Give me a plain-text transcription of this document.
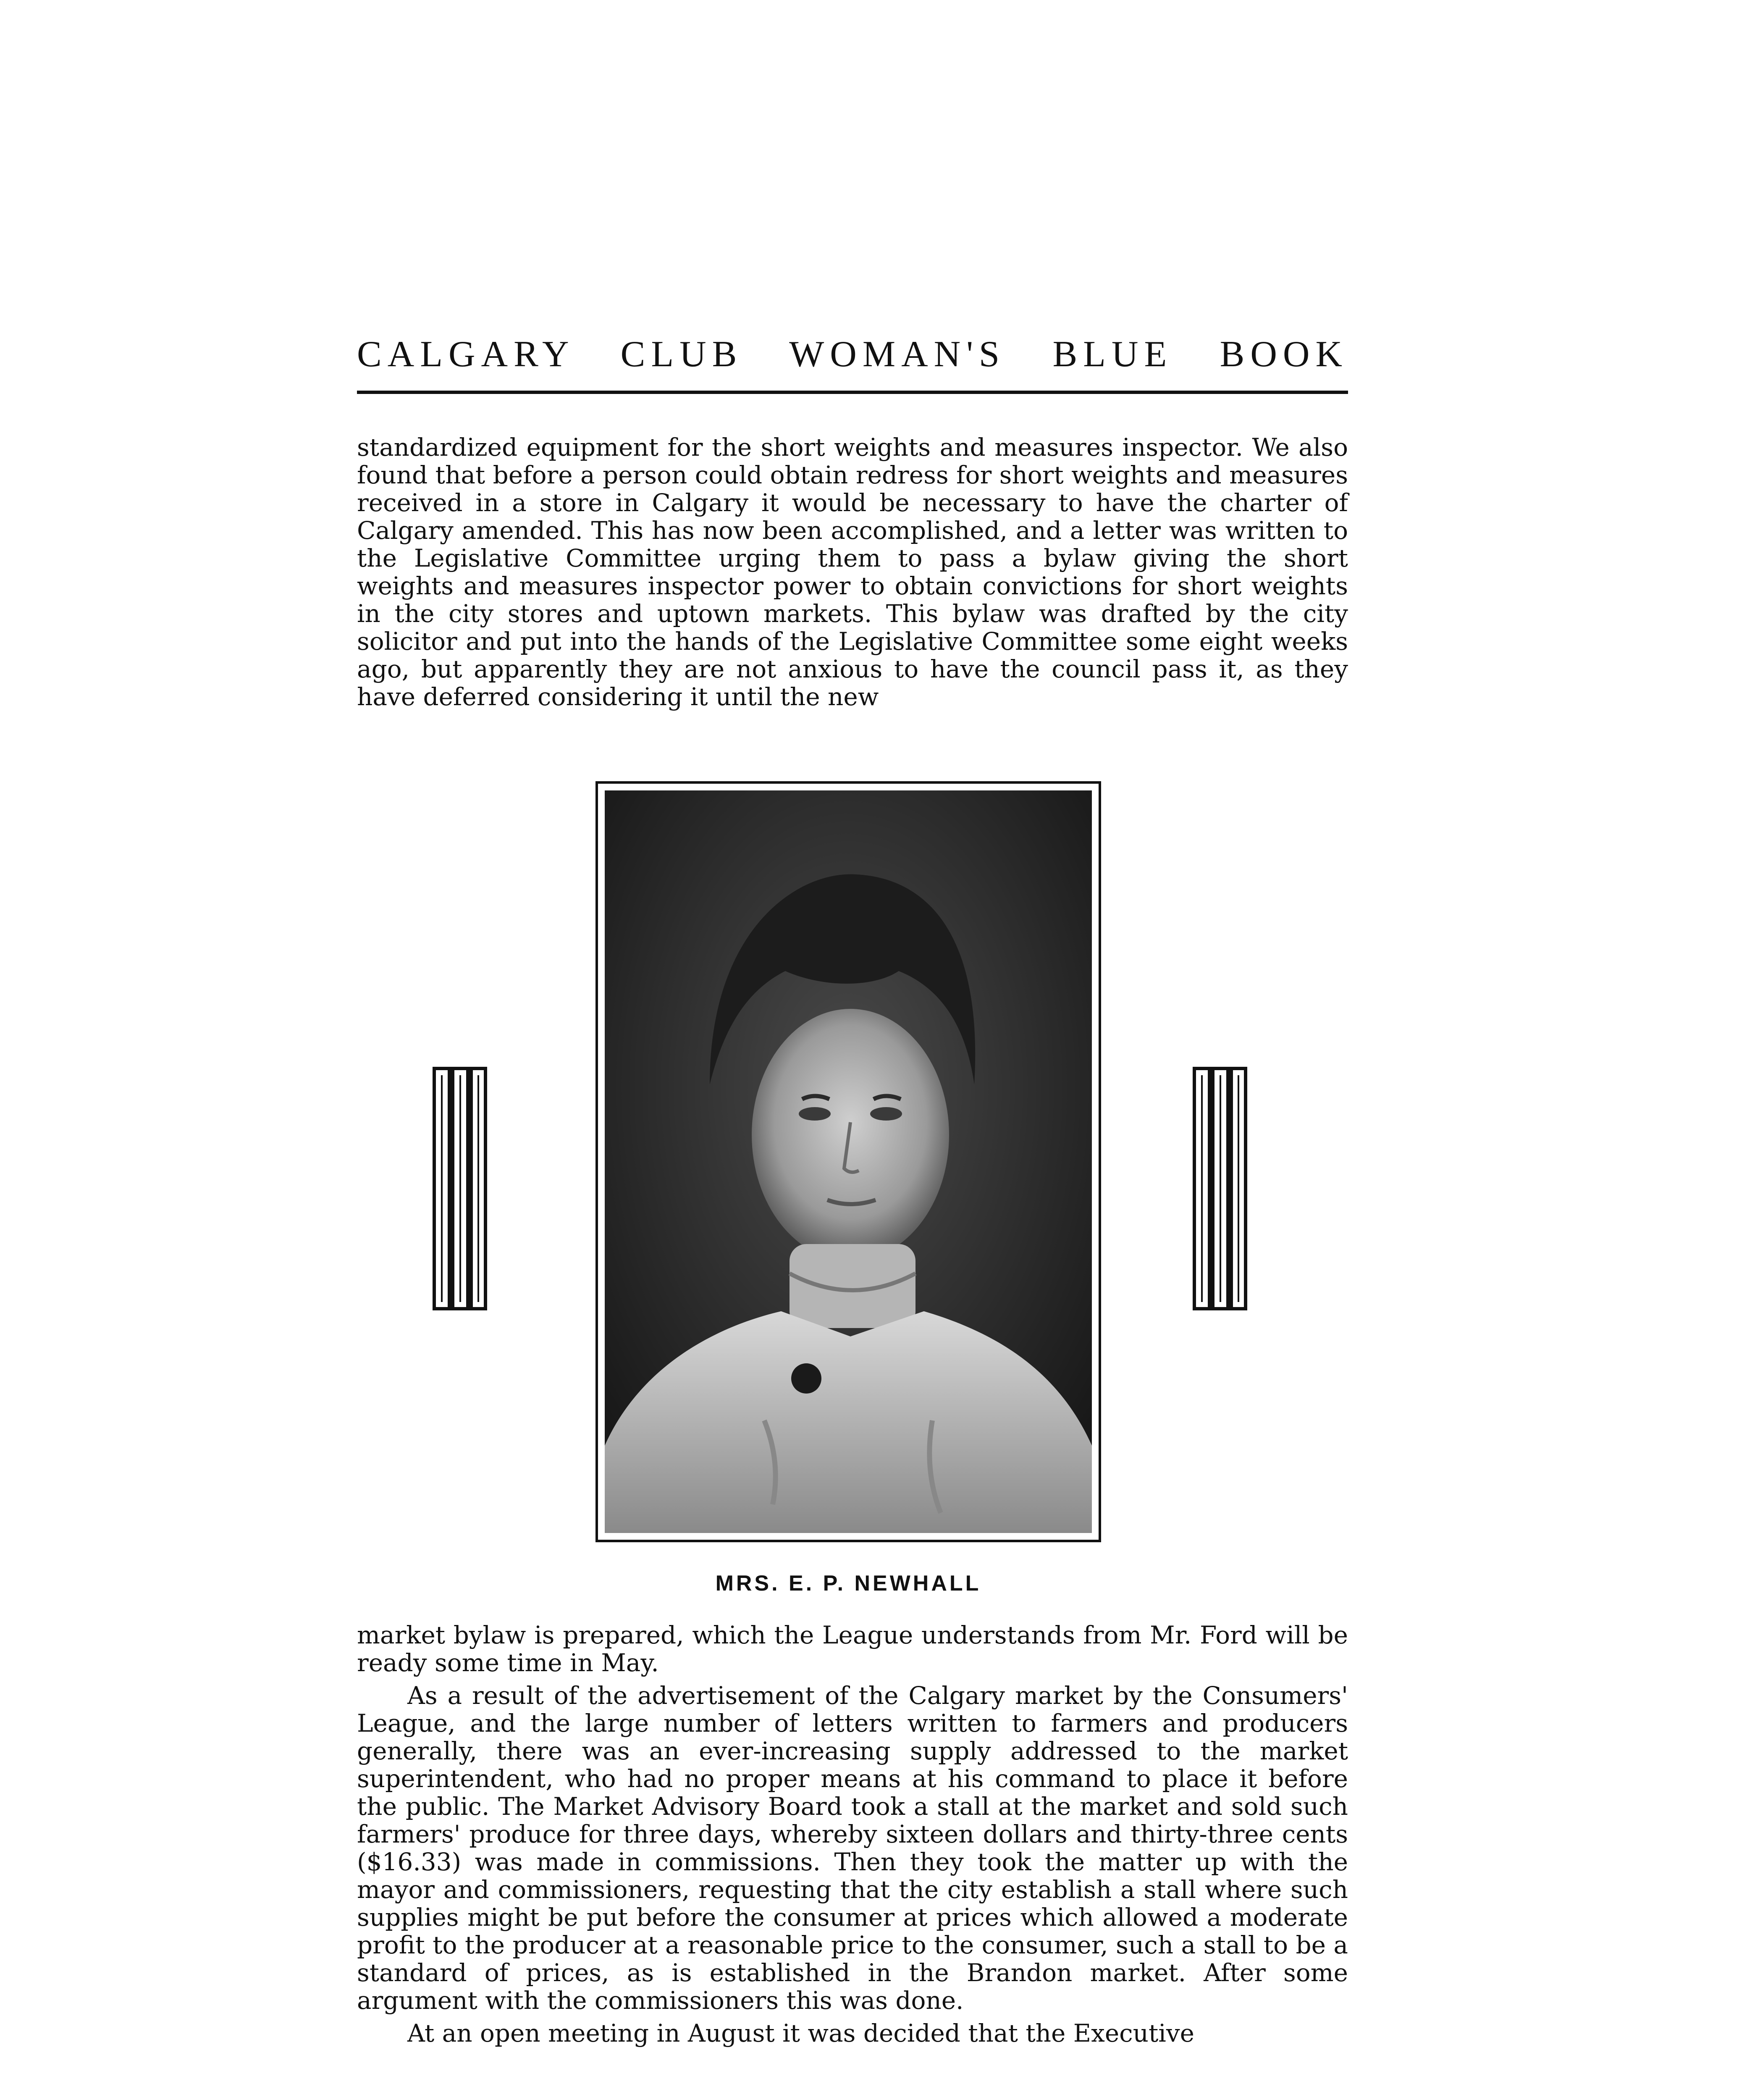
CALGARY CLUB WOMAN'S BLUE BOOK

standardized equipment for the short weights and measures inspector. We also found that before a person could obtain redress for short weights and measures received in a store in Calgary it would be necessary to have the charter of Calgary amended. This has now been accomplished, and a letter was written to the Legislative Committee urging them to pass a bylaw giving the short weights and measures inspector power to obtain convictions for short weights in the city stores and uptown markets. This bylaw was drafted by the city solicitor and put into the hands of the Legislative Committee some eight weeks ago, but apparently they are not anxious to have the council pass it, as they have deferred considering it until the new

MRS. E. P. NEWHALL

market bylaw is prepared, which the League understands from Mr. Ford will be ready some time in May.

As a result of the advertisement of the Calgary market by the Consumers' League, and the large number of letters written to farmers and producers generally, there was an ever-increasing supply addressed to the market superintendent, who had no proper means at his command to place it before the public. The Market Advisory Board took a stall at the market and sold such farmers' produce for three days, whereby sixteen dollars and thirty-three cents ($16.33) was made in commissions. Then they took the matter up with the mayor and commissioners, requesting that the city establish a stall where such supplies might be put before the consumer at prices which allowed a moderate profit to the producer at a reasonable price to the consumer, such a stall to be a standard of prices, as is established in the Brandon market. After some argument with the commissioners this was done.

At an open meeting in August it was decided that the Executive
